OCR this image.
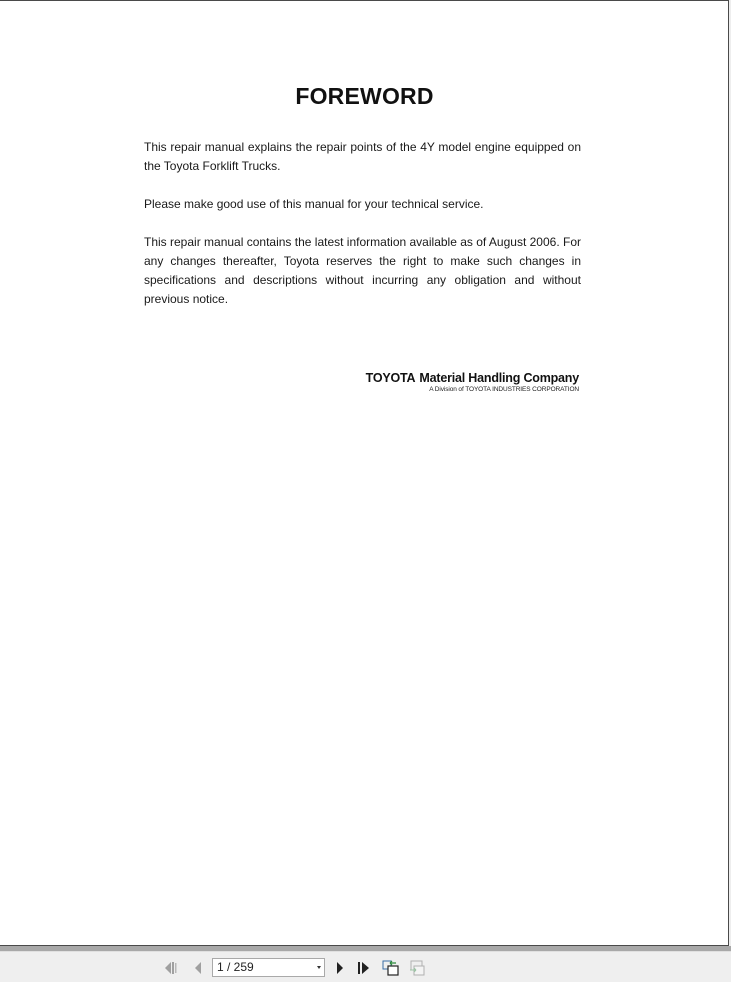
FOREWORD
This repair manual explains the repair points of the 4Y model engine equipped on the Toyota Forklift Trucks.
Please make good use of this manual for your technical service.
This repair manual contains the latest information available as of August 2006. For any changes thereafter, Toyota reserves the right to make such changes in specifications and descriptions without incurring any obligation and without previous notice.
TOYOTA Material Handling Company
A Division of TOYOTA INDUSTRIES CORPORATION
1 / 259
